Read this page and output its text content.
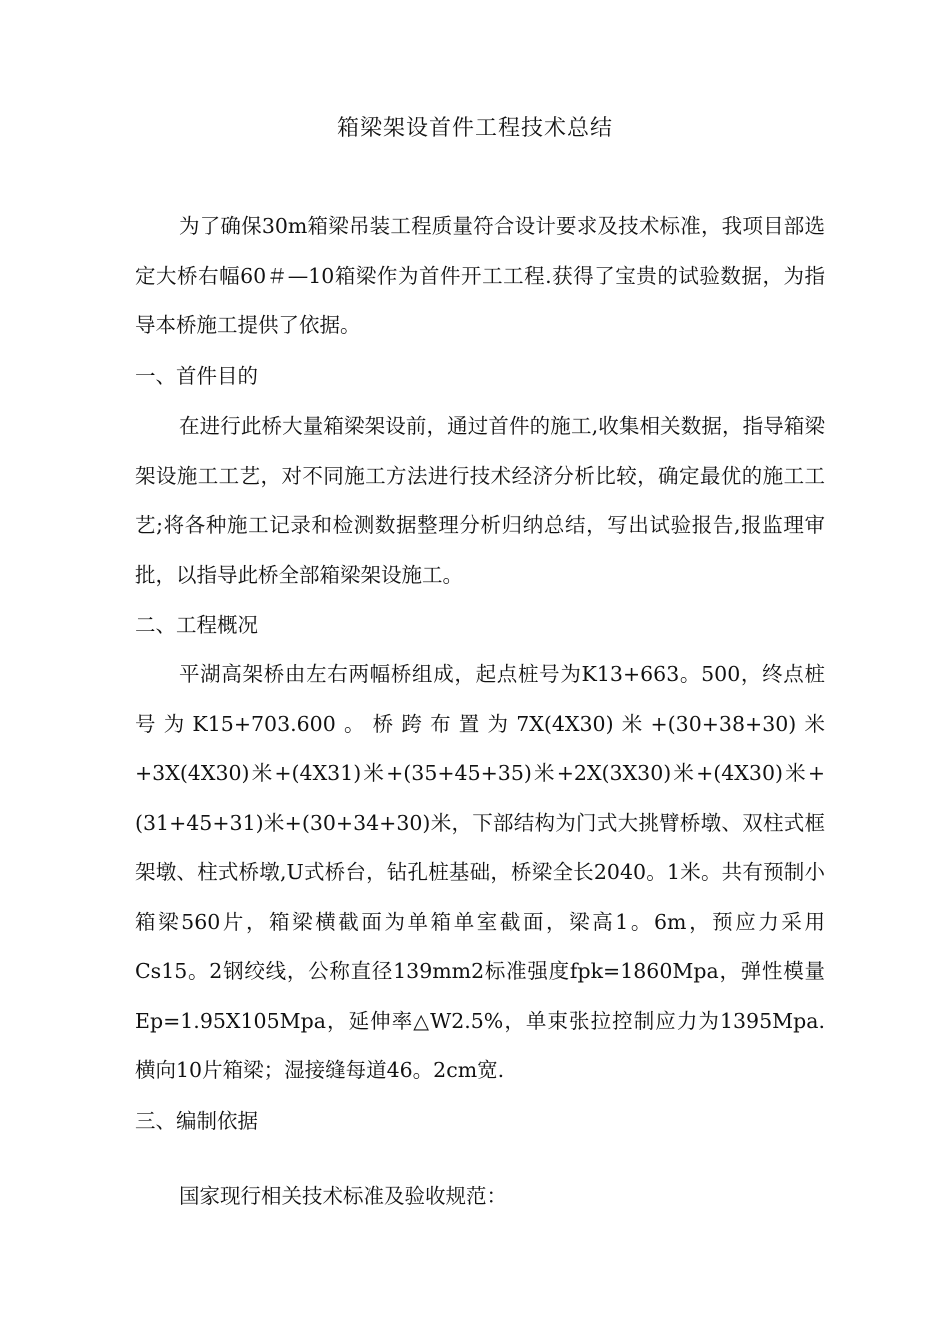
箱梁架设首件工程技术总结

为了确保30m箱梁吊装工程质量符合设计要求及技术标准，我项目部选定大桥右幅60＃—10箱梁作为首件开工工程.获得了宝贵的试验数据，为指导本桥施工提供了依据。

一、首件目的

在进行此桥大量箱梁架设前，通过首件的施工,收集相关数据，指导箱梁架设施工工艺，对不同施工方法进行技术经济分析比较，确定最优的施工工艺;将各种施工记录和检测数据整理分析归纳总结，写出试验报告,报监理审批，以指导此桥全部箱梁架设施工。

二、工程概况

平湖高架桥由左右两幅桥组成，起点桩号为K13+663。500，终点桩号为K15+703.600。桥跨布置为7X(4X30)米+(30+38+30)米+3X(4X30)米+(4X31)米+(35+45+35)米+2X(3X30)米+(4X30)米+(31+45+31)米+(30+34+30)米，下部结构为门式大挑臂桥墩、双柱式框架墩、柱式桥墩,U式桥台，钻孔桩基础，桥梁全长2040。1米。共有预制小箱梁560片，箱梁横截面为单箱单室截面，梁高1。6m，预应力采用Cs15。2钢绞线，公称直径139mm2标准强度fpk=1860Mpa，弹性模量Ep=1.95X105Mpa，延伸率△W2.5%，单束张拉控制应力为1395Mpa.横向10片箱梁；湿接缝每道46。2cm宽.

三、编制依据

国家现行相关技术标准及验收规范：
